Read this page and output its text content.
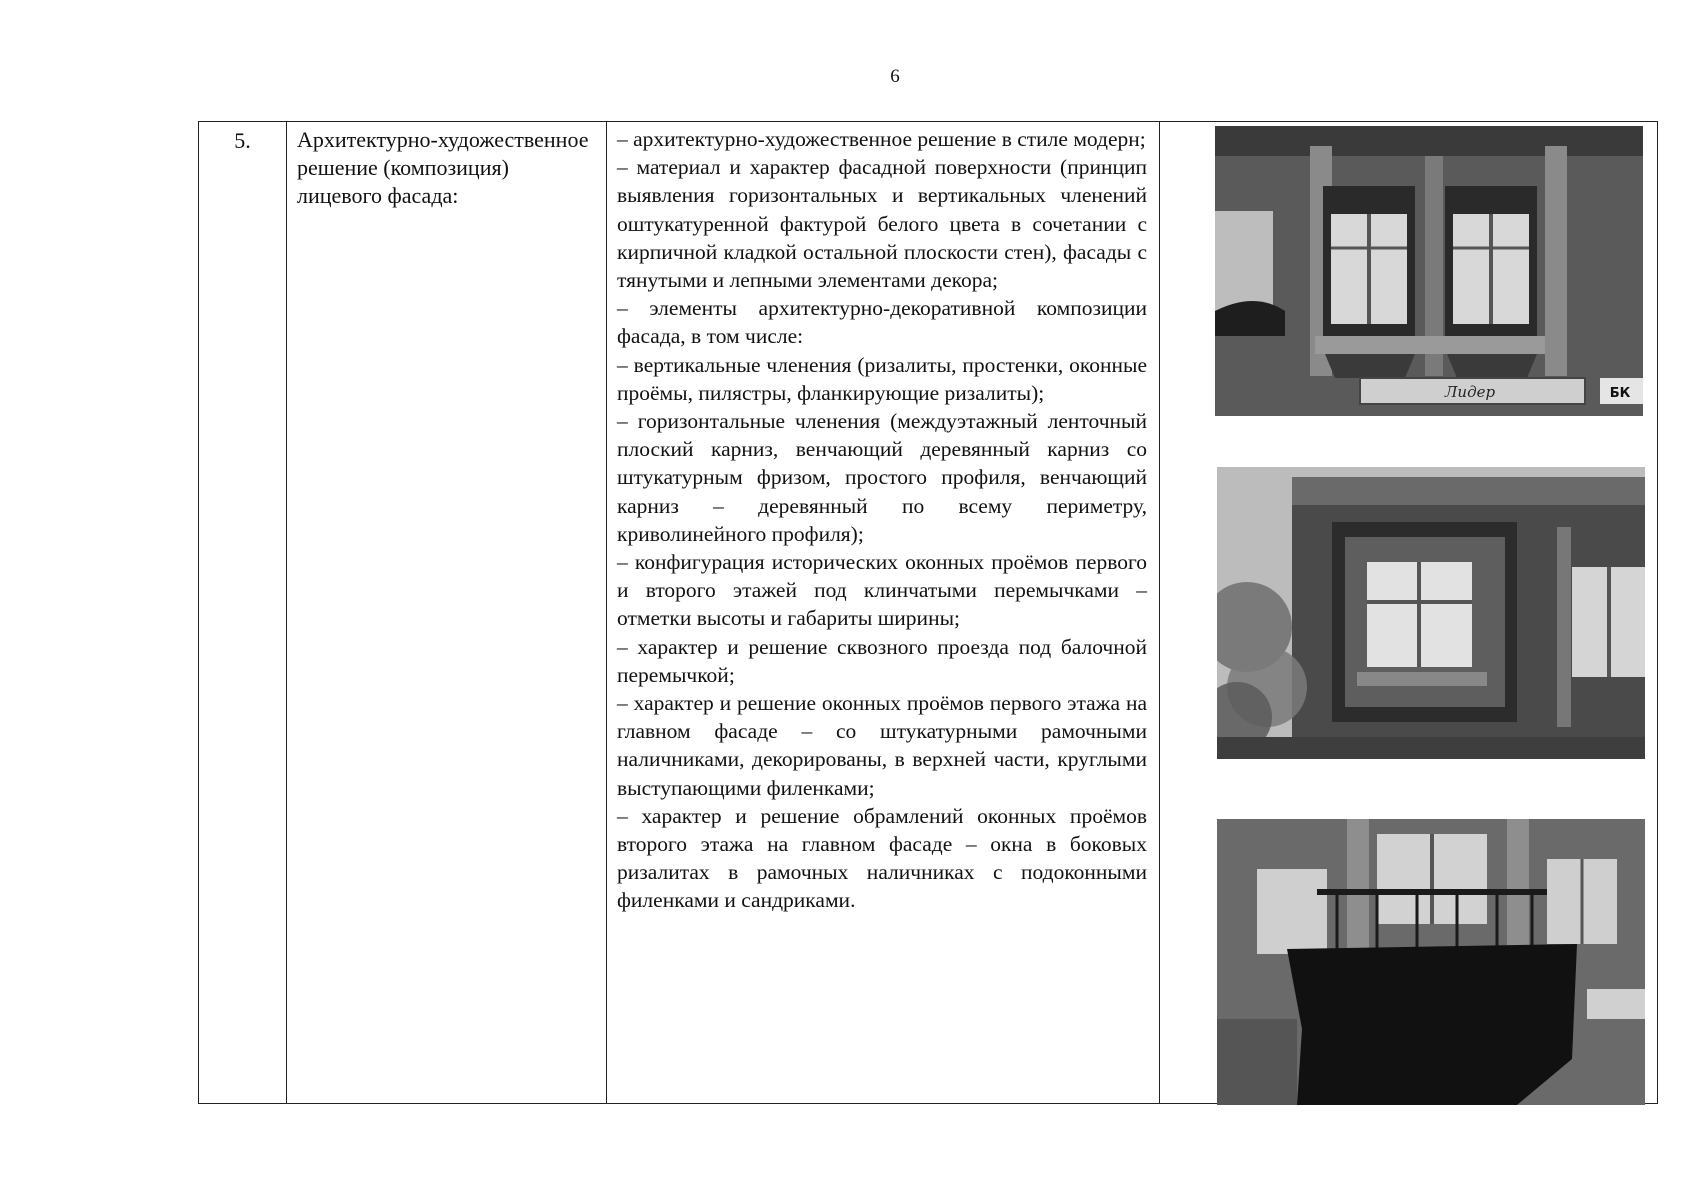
6
5.	Архитектурно-художественное решение (композиция) лицевого фасада:	

– архитектурно-художественное решение в стиле модерн;

– материал и характер фасадной поверхности (принцип выявления горизонтальных и вертикальных членений оштукатуренной фактурой белого цвета в сочетании с кирпичной кладкой остальной плоскости стен), фасады с тянутыми и лепными элементами декора;

– элементы архитектурно-декоративной композиции фасада, в том числе:

– вертикальные членения (ризалиты, простенки, оконные проёмы, пилястры, фланкирующие ризалиты);

– горизонтальные членения (междуэтажный ленточный плоский карниз, венчающий деревянный карниз со штукатурным фризом, простого профиля, венчающий карниз – деревянный по всему периметру, криволинейного профиля);

– конфигурация исторических оконных проёмов первого и второго этажей под клинчатыми перемычками – отметки высоты и габариты ширины;

– характер и решение сквозного проезда под балочной перемычкой;

– характер и решение оконных проёмов первого этажа на главном фасаде – со штукатурными рамочными наличниками, декорированы, в верхней части, круглыми выступающими филенками;

– характер и решение обрамлений оконных проёмов второго этажа на главном фасаде – окна в боковых ризалитах в рамочных наличниках с подоконными филенками и сандриками.

Лидер	БК
